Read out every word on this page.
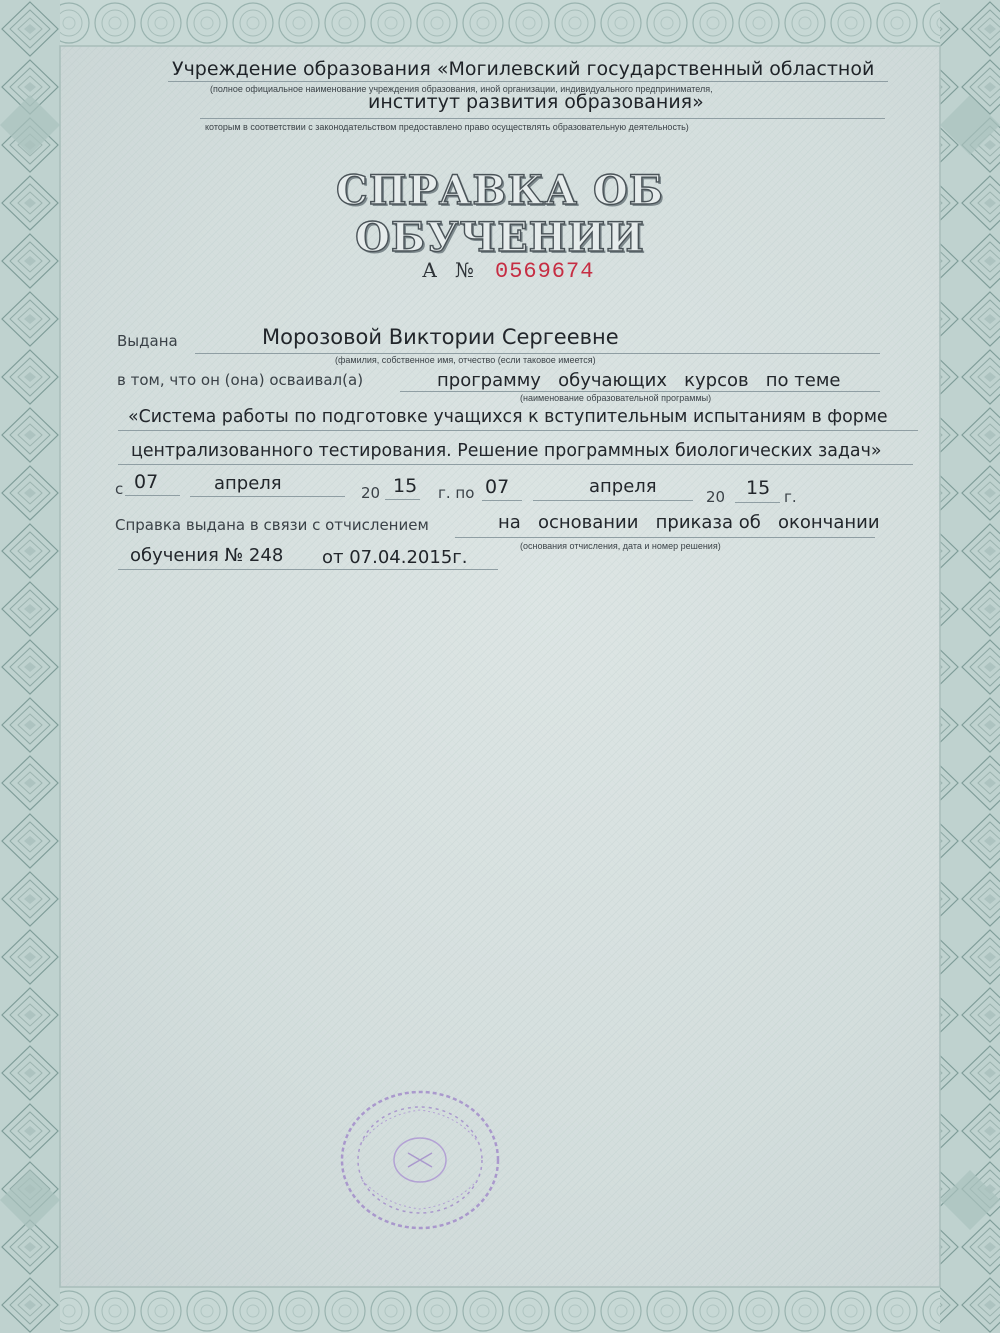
Учреждение образования «Могилевский государственный областной
(полное официальное наименование учреждения образования, иной организации, индивидуального предпринимателя,
институт развития образования»
которым в соответствии с законодательством предоставлено право осуществлять образовательную деятельность)
СПРАВКА ОБ ОБУЧЕНИИ
А № 0569674
Выдана	Морозовой Виктории Сергеевне
(фамилия, собственное имя, отчество (если таковое имеется)
в том, что он (она) осваивал(а)	программу   обучающих   курсов   по теме
(наименование образовательной программы)
«Система работы по подготовке учащихся к вступительным испытаниям в форме
централизованного тестирования. Решение программных биологических задач»
с 07	апреля	20 15 г. по 07	апреля	20 15 г.
Справка выдана в связи с отчислением	на   основании   приказа об   окончании
(основания отчисления, дата и номер решения)
обучения № 248 от 07.04.2015г.
